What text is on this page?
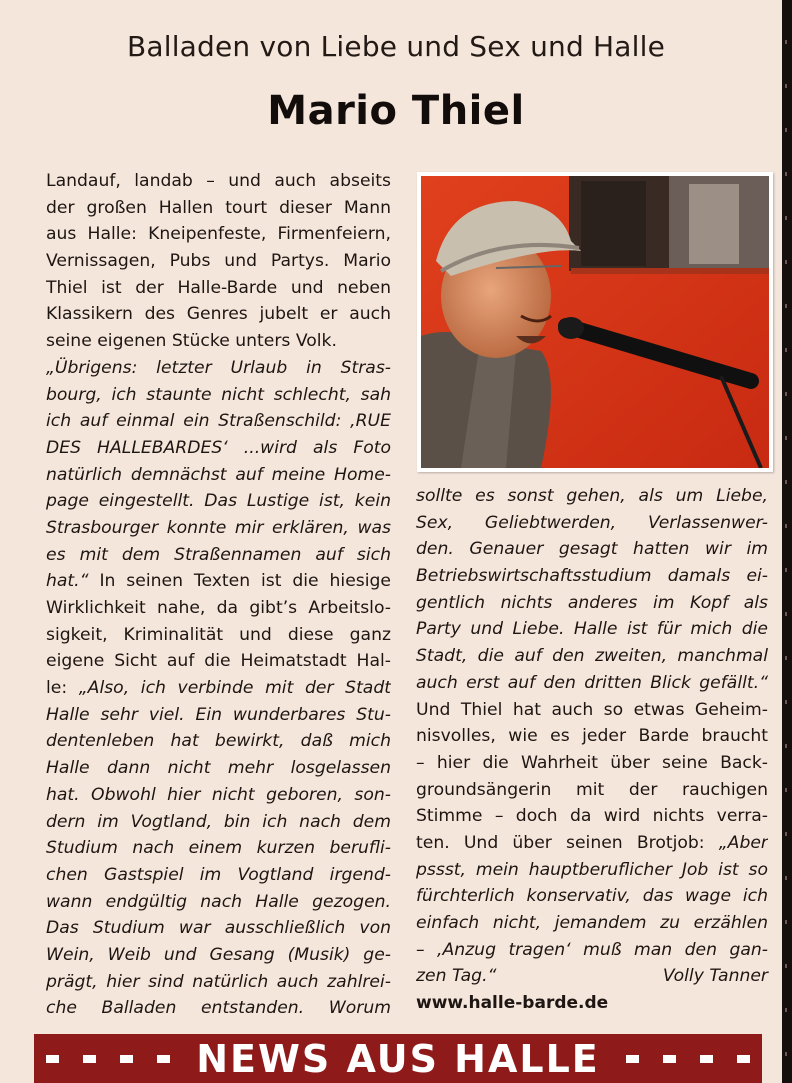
Balladen von Liebe und Sex und Halle
Mario Thiel
Landauf, landab – und auch abseits
der großen Hallen tourt dieser Mann
aus Halle: Kneipenfeste, Firmenfeiern,
Vernissagen, Pubs und Partys. Mario
Thiel ist der Halle-Barde und neben
Klassikern des Genres jubelt er auch
seine eigenen Stücke unters Volk.
„Übrigens: letzter Urlaub in Stras-
bourg, ich staunte nicht schlecht, sah
ich auf einmal ein Straßenschild: ‚RUE
DES HALLEBARDES‘ ...wird als Foto
natürlich demnächst auf meine Home-
page eingestellt. Das Lustige ist, kein
Strasbourger konnte mir erklären, was
es mit dem Straßennamen auf sich
hat.“ In seinen Texten ist die hiesige
Wirklichkeit nahe, da gibt’s Arbeitslo-
sigkeit, Kriminalität und diese ganz
eigene Sicht auf die Heimatstadt Hal-
le: „Also, ich verbinde mit der Stadt
Halle sehr viel. Ein wunderbares Stu-
dentenleben hat bewirkt, daß mich
Halle dann nicht mehr losgelassen
hat. Obwohl hier nicht geboren, son-
dern im Vogtland, bin ich nach dem
Studium nach einem kurzen berufli-
chen Gastspiel im Vogtland irgend-
wann endgültig nach Halle gezogen.
Das Studium war ausschließlich von
Wein, Weib und Gesang (Musik) ge-
prägt, hier sind natürlich auch zahlrei-
che Balladen entstanden. Worum
sollte es sonst gehen, als um Liebe,
Sex, Geliebtwerden, Verlassenwer-
den. Genauer gesagt hatten wir im
Betriebswirtschaftsstudium damals ei-
gentlich nichts anderes im Kopf als
Party und Liebe. Halle ist für mich die
Stadt, die auf den zweiten, manchmal
auch erst auf den dritten Blick gefällt.“
Und Thiel hat auch so etwas Geheim-
nisvolles, wie es jeder Barde braucht
– hier die Wahrheit über seine Back-
groundsängerin mit der rauchigen
Stimme – doch da wird nichts verra-
ten. Und über seinen Brotjob: „Aber
pssst, mein hauptberuflicher Job ist so
fürchterlich konservativ, das wage ich
einfach nicht, jemandem zu erzählen
– ‚Anzug tragen‘ muß man den gan-
zen Tag.“	Volly Tanner
www.halle-barde.de
NEWS AUS HALLE
